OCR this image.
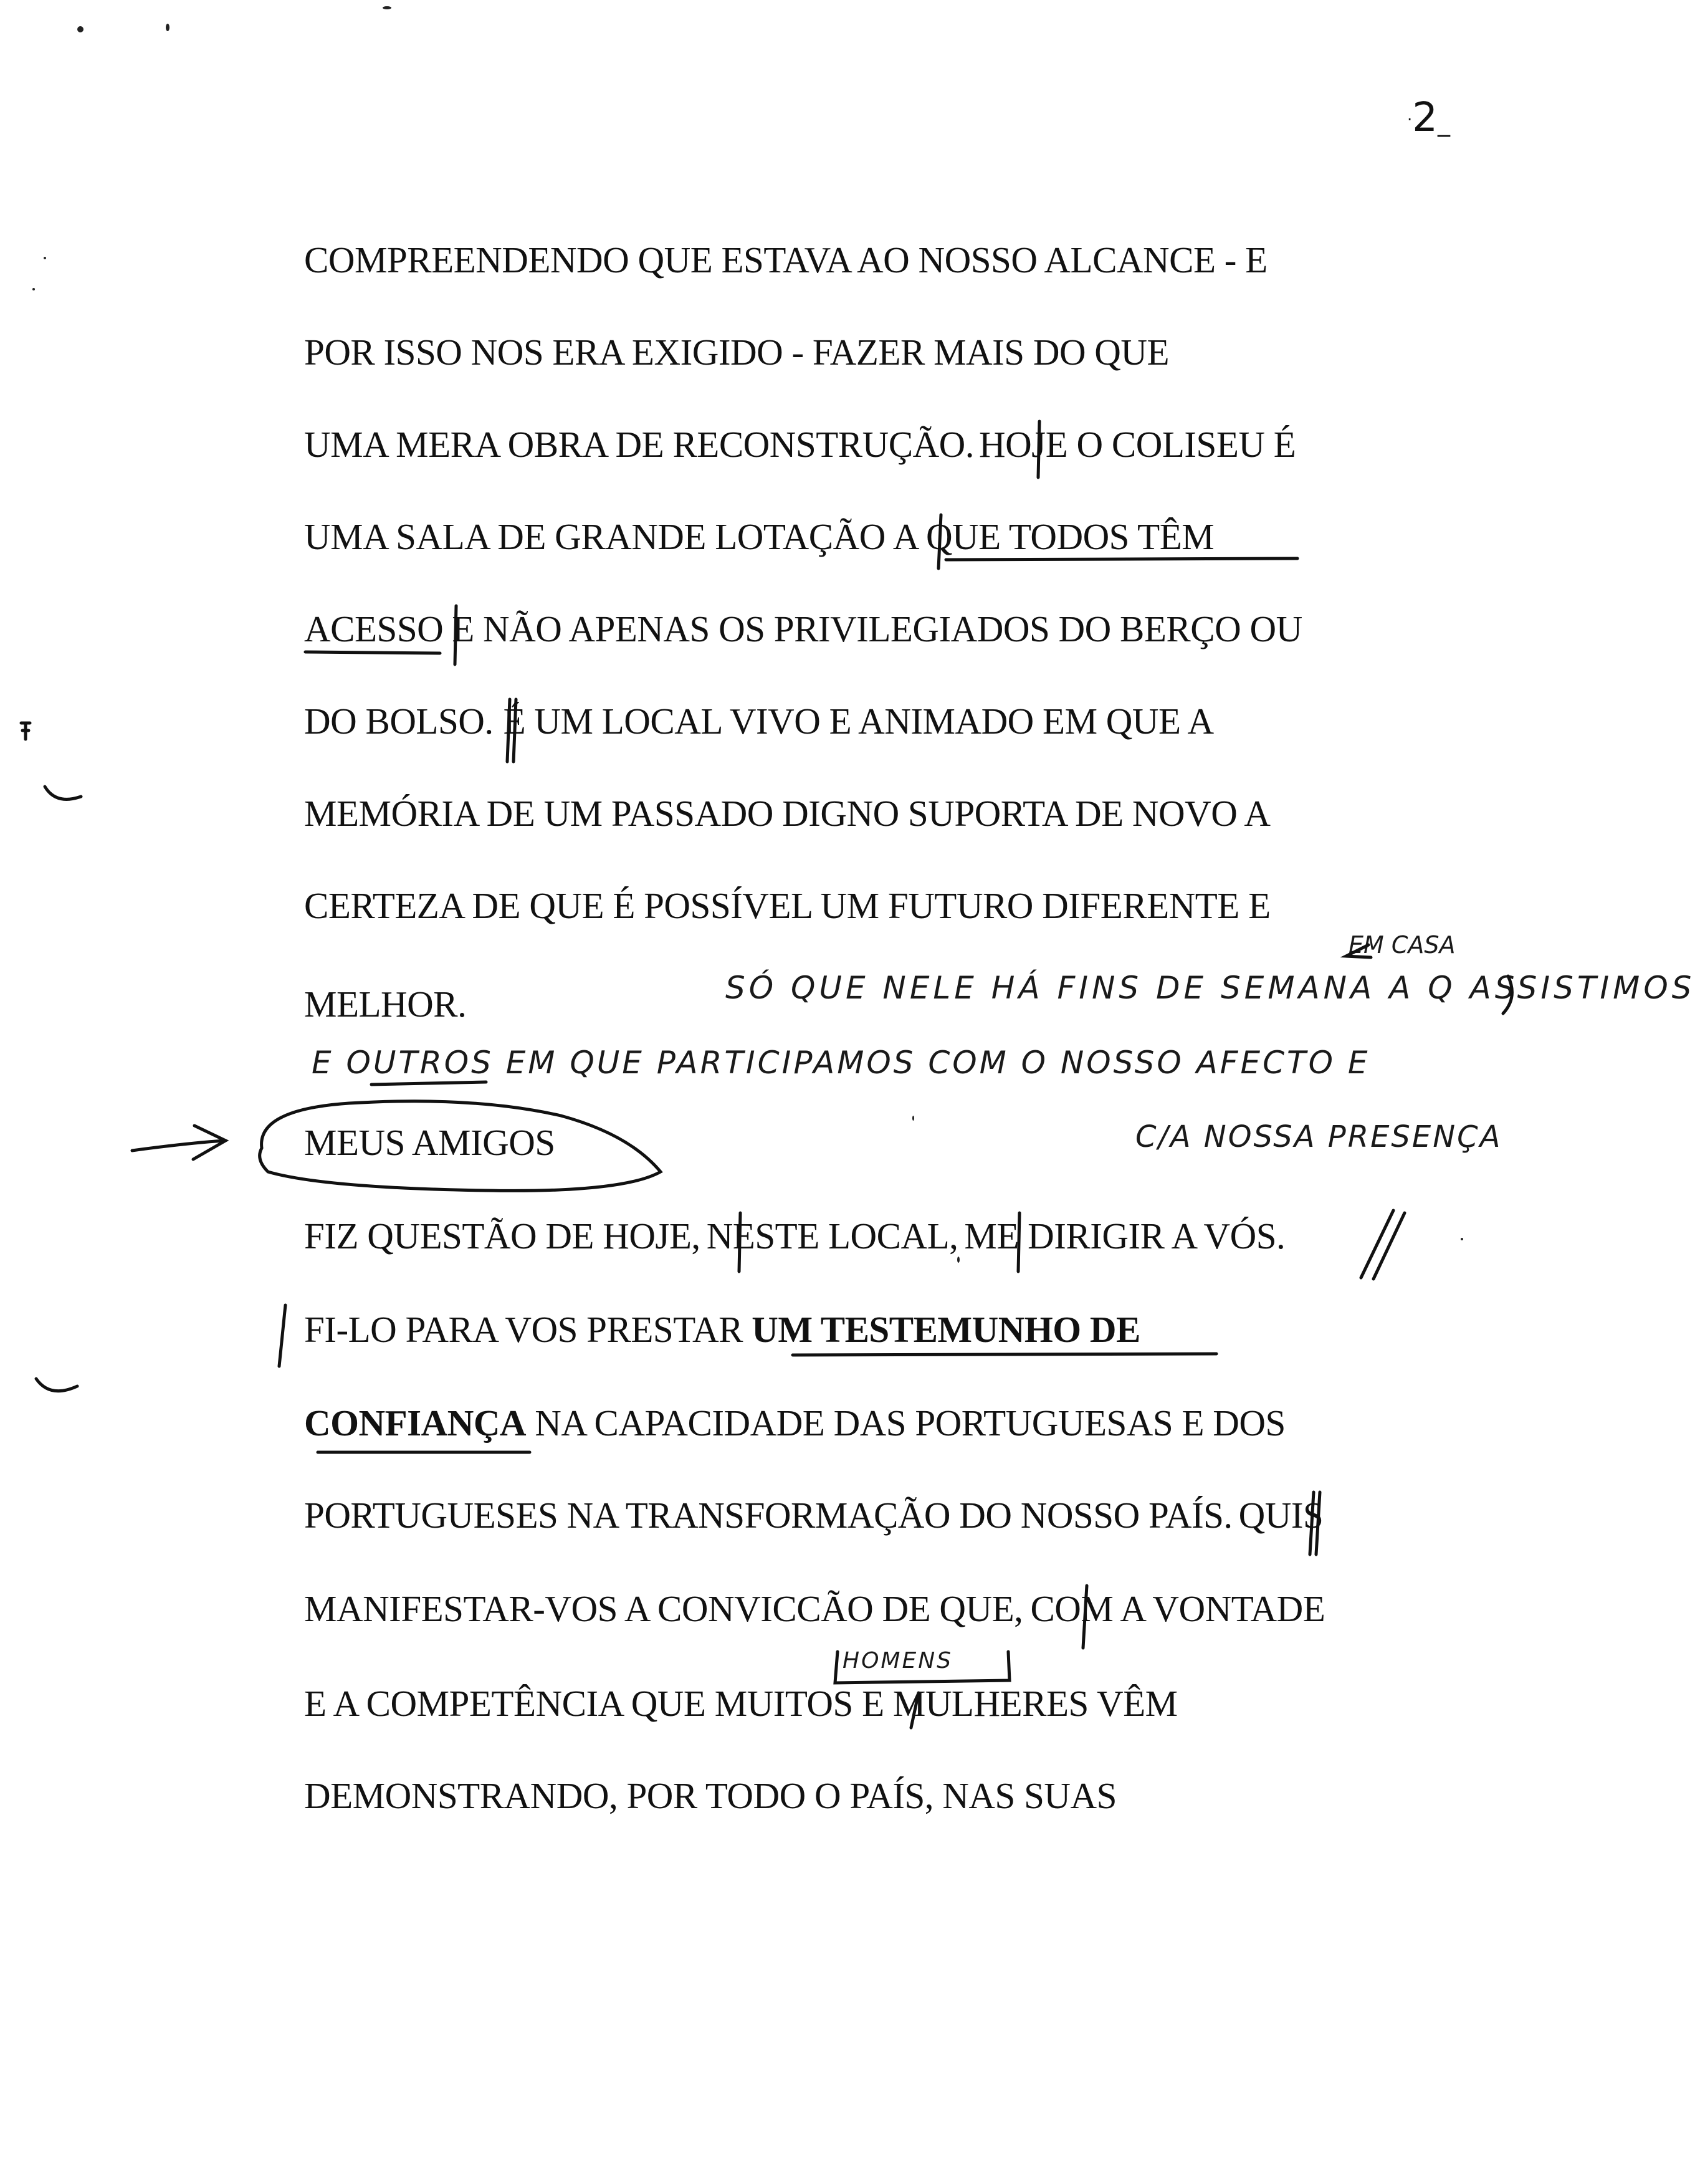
·2_
COMPREENDENDO QUE ESTAVA AO NOSSO ALCANCE - E
POR ISSO NOS ERA EXIGIDO - FAZER MAIS DO QUE
UMA MERA OBRA DE RECONSTRUÇÃO. HOJE O COLISEU É
UMA SALA DE GRANDE LOTAÇÃO A QUE TODOS TÊM
ACESSO E NÃO APENAS OS PRIVILEGIADOS DO BERÇO OU
DO BOLSO. É UM LOCAL VIVO E ANIMADO EM QUE A
MEMÓRIA DE UM PASSADO DIGNO SUPORTA DE NOVO A
CERTEZA DE QUE É POSSÍVEL UM FUTURO DIFERENTE E
MELHOR.
MEUS AMIGOS
FIZ QUESTÃO DE HOJE, NESTE LOCAL, ME DIRIGIR A VÓS.
FI-LO PARA VOS PRESTAR UM TESTEMUNHO DE
CONFIANÇA NA CAPACIDADE DAS PORTUGUESAS E DOS
PORTUGUESES NA TRANSFORMAÇÃO DO NOSSO PAÍS. QUIS
MANIFESTAR-VOS A CONVICCÃO DE QUE, COM A VONTADE
E A COMPETÊNCIA QUE MUITOS E MULHERES VÊM
DEMONSTRANDO, POR TODO O PAÍS, NAS SUAS
SÓ QUE NELE HÁ FINS DE SEMANA A Q ASSISTIMOS
EM CASA
E OUTROS EM QUE PARTICIPAMOS COM O NOSSO AFECTO E
C/A NOSSA PRESENÇA
HOMENS
